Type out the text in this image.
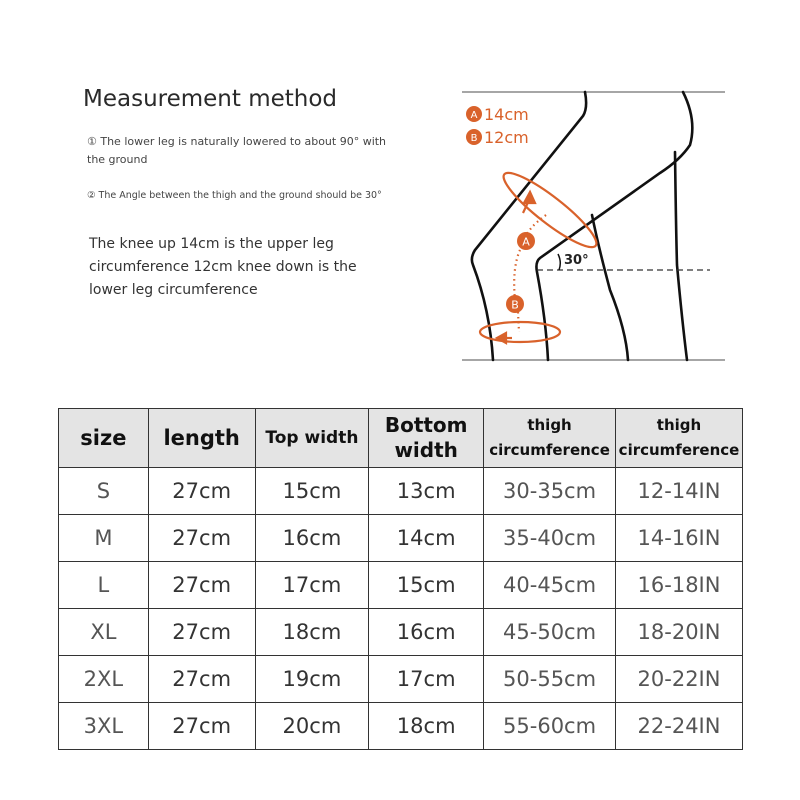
Measurement method
① The lower leg is naturally lowered to about 90° with the ground
② The Angle between the thigh and the ground should be 30°
The knee up 14cm is the upper leg circumference 12cm knee down is the lower leg circumference
30°
A
B
A 14cm
B 12cm
size	length	Top width	Bottom width	thigh circumference	thigh circumference
S	27cm	15cm	13cm	30-35cm	12-14IN
M	27cm	16cm	14cm	35-40cm	14-16IN
L	27cm	17cm	15cm	40-45cm	16-18IN
XL	27cm	18cm	16cm	45-50cm	18-20IN
2XL	27cm	19cm	17cm	50-55cm	20-22IN
3XL	27cm	20cm	18cm	55-60cm	22-24IN
